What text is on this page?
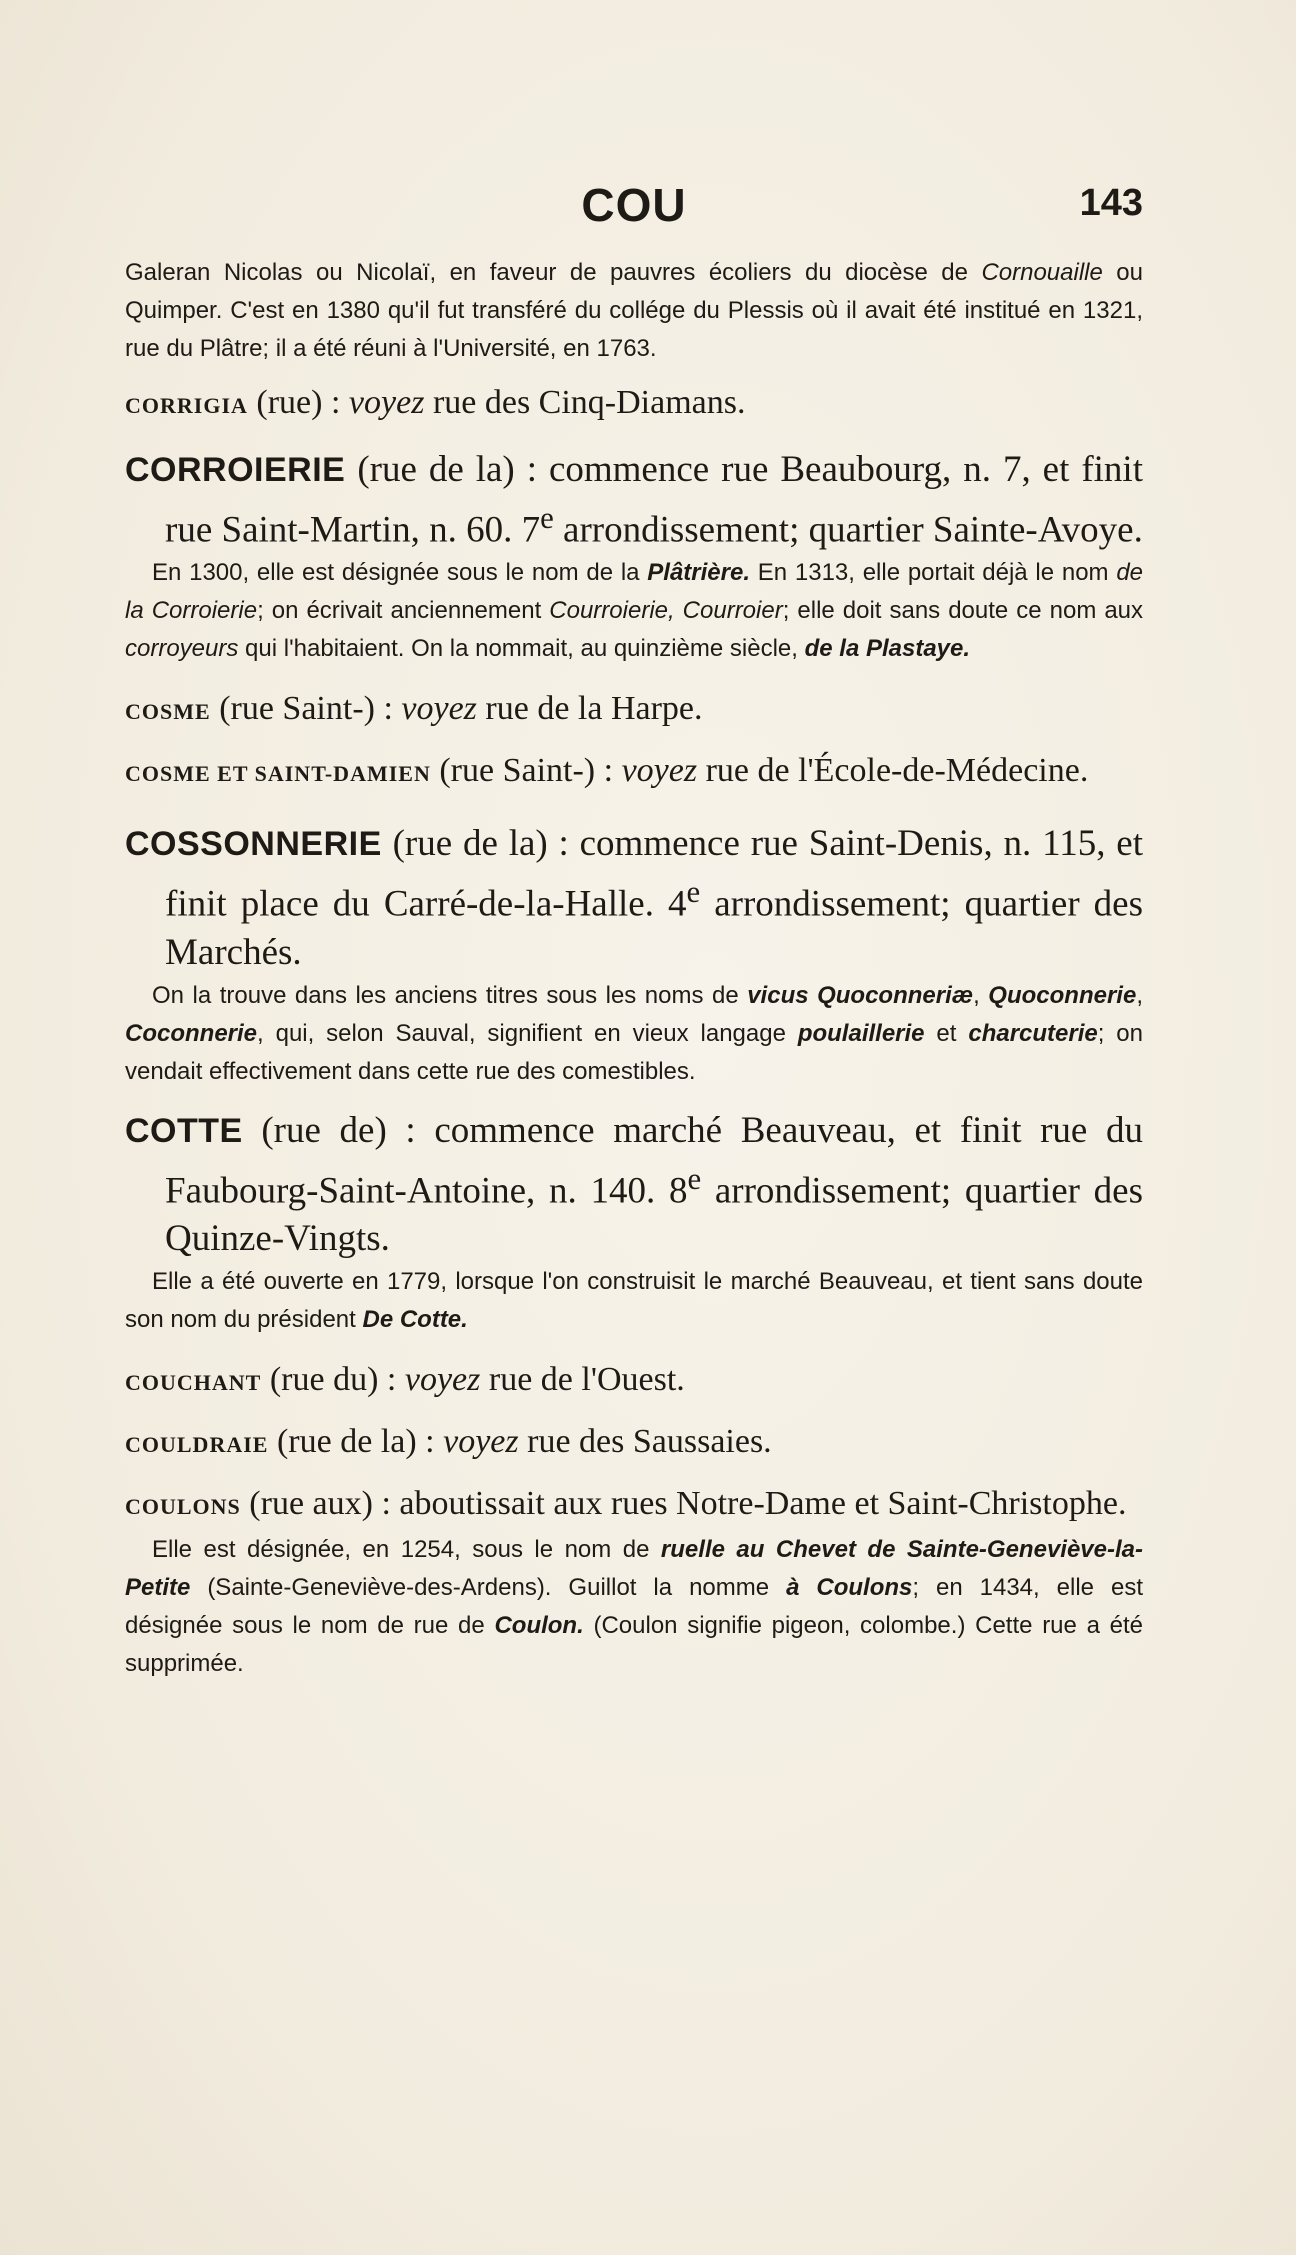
COU	143

Galeran Nicolas ou Nicolaï, en faveur de pauvres écoliers du diocèse de Cornouaille ou Quimper. C'est en 1380 qu'il fut transféré du collége du Plessis où il avait été institué en 1321, rue du Plâtre; il a été réuni à l'Université, en 1763.

CORRIGIA (rue) : voyez rue des Cinq-Diamans.

CORROIERIE (rue de la) : commence rue Beaubourg, n. 7, et finit rue Saint-Martin, n. 60. 7e arrondissement; quartier Sainte-Avoye.

En 1300, elle est désignée sous le nom de la Plâtrière. En 1313, elle portait déjà le nom de la Corroierie; on écrivait anciennement Courroierie, Courroier; elle doit sans doute ce nom aux corroyeurs qui l'habitaient. On la nommait, au quinzième siècle, de la Plastaye.

COSME (rue Saint-) : voyez rue de la Harpe.

COSME ET SAINT-DAMIEN (rue Saint-) : voyez rue de l'École-de-Médecine.

COSSONNERIE (rue de la) : commence rue Saint-Denis, n. 115, et finit place du Carré-de-la-Halle. 4e arrondissement; quartier des Marchés.

On la trouve dans les anciens titres sous les noms de vicus Quoconneriæ, Quoconnerie, Coconnerie, qui, selon Sauval, signifient en vieux langage poulaillerie et charcuterie; on vendait effectivement dans cette rue des comestibles.

COTTE (rue de) : commence marché Beauveau, et finit rue du Faubourg-Saint-Antoine, n. 140. 8e arrondissement; quartier des Quinze-Vingts.

Elle a été ouverte en 1779, lorsque l'on construisit le marché Beauveau, et tient sans doute son nom du président De Cotte.

COUCHANT (rue du) : voyez rue de l'Ouest.

COULDRAIE (rue de la) : voyez rue des Saussaies.

COULONS (rue aux) : aboutissait aux rues Notre-Dame et Saint-Christophe.

Elle est désignée, en 1254, sous le nom de ruelle au Chevet de Sainte-Geneviève-la-Petite (Sainte-Geneviève-des-Ardens). Guillot la nomme à Coulons; en 1434, elle est désignée sous le nom de rue de Coulon. (Coulon signifie pigeon, colombe.) Cette rue a été supprimée.
